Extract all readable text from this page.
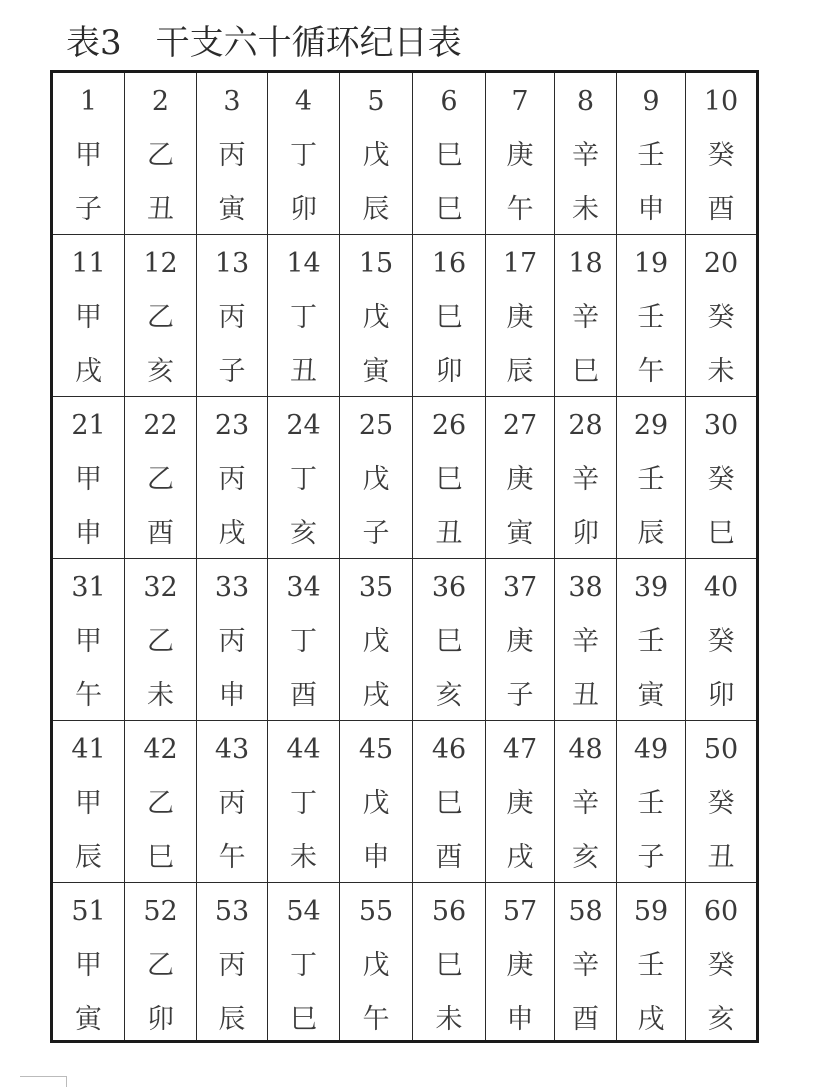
表3 干支六十循环纪日表
1
甲
子
2
乙
丑
3
丙
寅
4
丁
卯
5
戊
辰
6
巳
巳
7
庚
午
8
辛
未
9
壬
申
10
癸
酉
11
甲
戌
12
乙
亥
13
丙
子
14
丁
丑
15
戊
寅
16
巳
卯
17
庚
辰
18
辛
巳
19
壬
午
20
癸
未
21
甲
申
22
乙
酉
23
丙
戌
24
丁
亥
25
戊
子
26
巳
丑
27
庚
寅
28
辛
卯
29
壬
辰
30
癸
巳
31
甲
午
32
乙
未
33
丙
申
34
丁
酉
35
戊
戌
36
巳
亥
37
庚
子
38
辛
丑
39
壬
寅
40
癸
卯
41
甲
辰
42
乙
巳
43
丙
午
44
丁
未
45
戊
申
46
巳
酉
47
庚
戌
48
辛
亥
49
壬
子
50
癸
丑
51
甲
寅
52
乙
卯
53
丙
辰
54
丁
巳
55
戊
午
56
巳
未
57
庚
申
58
辛
酉
59
壬
戌
60
癸
亥
